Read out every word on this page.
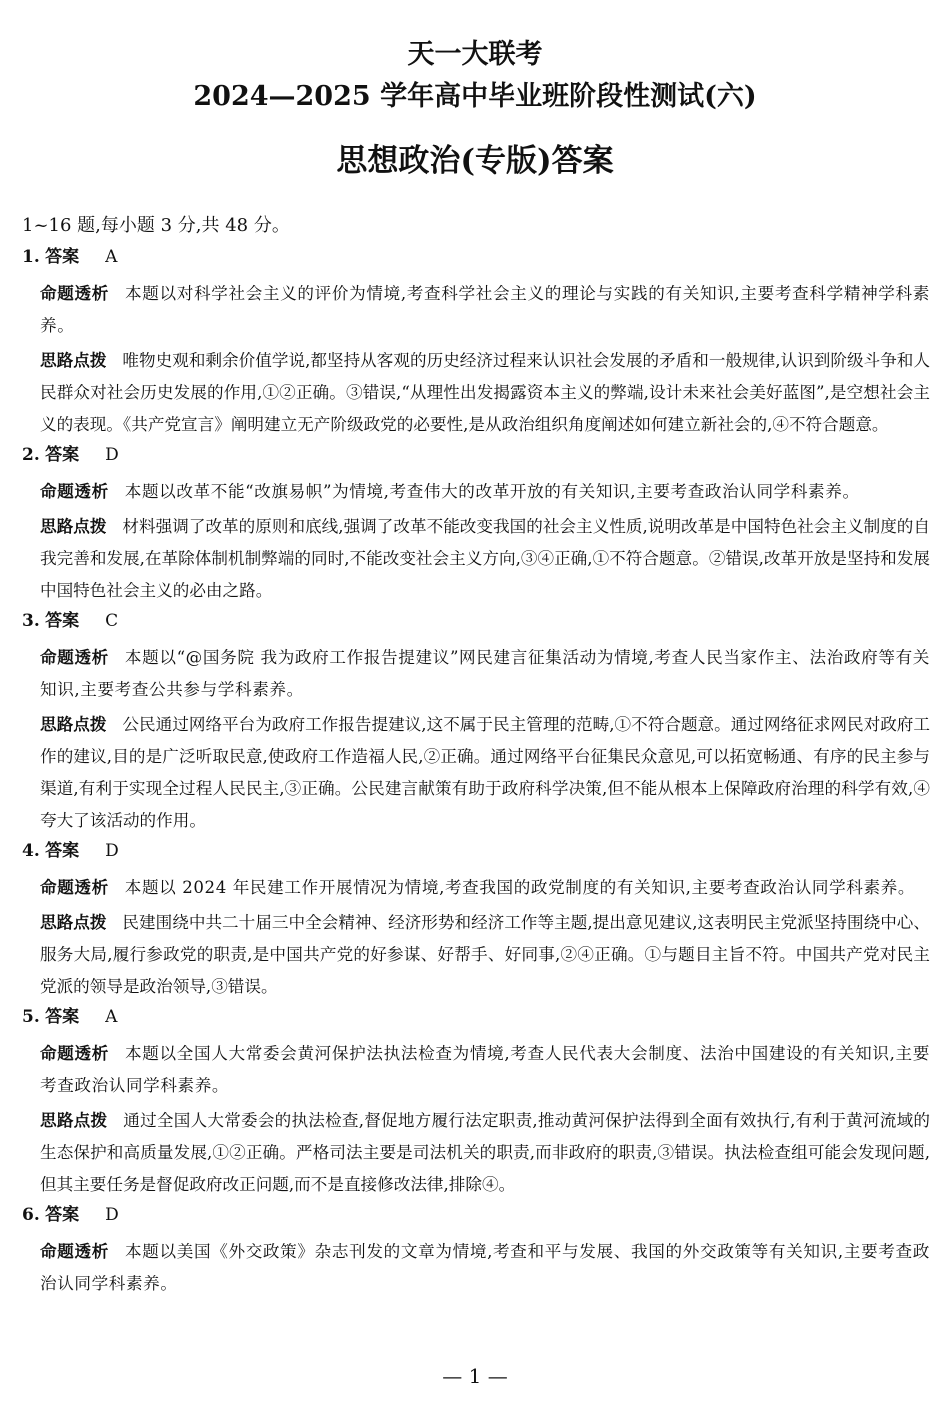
天一大联考
2024—2025 学年高中毕业班阶段性测试(六)
思想政治(专版)答案
1~16 题,每小题 3 分,共 48 分。
1. 答案 A

命题透析 本题以对科学社会主义的评价为情境,考查科学社会主义的理论与实践的有关知识,主要考查科学精神学科素养。

思路点拨 唯物史观和剩余价值学说,都坚持从客观的历史经济过程来认识社会发展的矛盾和一般规律,认识到阶级斗争和人民群众对社会历史发展的作用,①②正确。③错误,“从理性出发揭露资本主义的弊端,设计未来社会美好蓝图”,是空想社会主义的表现。《共产党宣言》阐明建立无产阶级政党的必要性,是从政治组织角度阐述如何建立新社会的,④不符合题意。

2. 答案 D

命题透析 本题以改革不能“改旗易帜”为情境,考查伟大的改革开放的有关知识,主要考查政治认同学科素养。

思路点拨 材料强调了改革的原则和底线,强调了改革不能改变我国的社会主义性质,说明改革是中国特色社会主义制度的自我完善和发展,在革除体制机制弊端的同时,不能改变社会主义方向,③④正确,①不符合题意。②错误,改革开放是坚持和发展中国特色社会主义的必由之路。

3. 答案 C

命题透析 本题以“@国务院 我为政府工作报告提建议”网民建言征集活动为情境,考查人民当家作主、法治政府等有关知识,主要考查公共参与学科素养。

思路点拨 公民通过网络平台为政府工作报告提建议,这不属于民主管理的范畴,①不符合题意。通过网络征求网民对政府工作的建议,目的是广泛听取民意,使政府工作造福人民,②正确。通过网络平台征集民众意见,可以拓宽畅通、有序的民主参与渠道,有利于实现全过程人民民主,③正确。公民建言献策有助于政府科学决策,但不能从根本上保障政府治理的科学有效,④夸大了该活动的作用。

4. 答案 D

命题透析 本题以 2024 年民建工作开展情况为情境,考查我国的政党制度的有关知识,主要考查政治认同学科素养。

思路点拨 民建围绕中共二十届三中全会精神、经济形势和经济工作等主题,提出意见建议,这表明民主党派坚持围绕中心、服务大局,履行参政党的职责,是中国共产党的好参谋、好帮手、好同事,②④正确。①与题目主旨不符。中国共产党对民主党派的领导是政治领导,③错误。

5. 答案 A

命题透析 本题以全国人大常委会黄河保护法执法检查为情境,考查人民代表大会制度、法治中国建设的有关知识,主要考查政治认同学科素养。

思路点拨 通过全国人大常委会的执法检查,督促地方履行法定职责,推动黄河保护法得到全面有效执行,有利于黄河流域的生态保护和高质量发展,①②正确。严格司法主要是司法机关的职责,而非政府的职责,③错误。执法检查组可能会发现问题,但其主要任务是督促政府改正问题,而不是直接修改法律,排除④。

6. 答案 D

命题透析 本题以美国《外交政策》杂志刊发的文章为情境,考查和平与发展、我国的外交政策等有关知识,主要考查政治认同学科素养。

— 1 —
